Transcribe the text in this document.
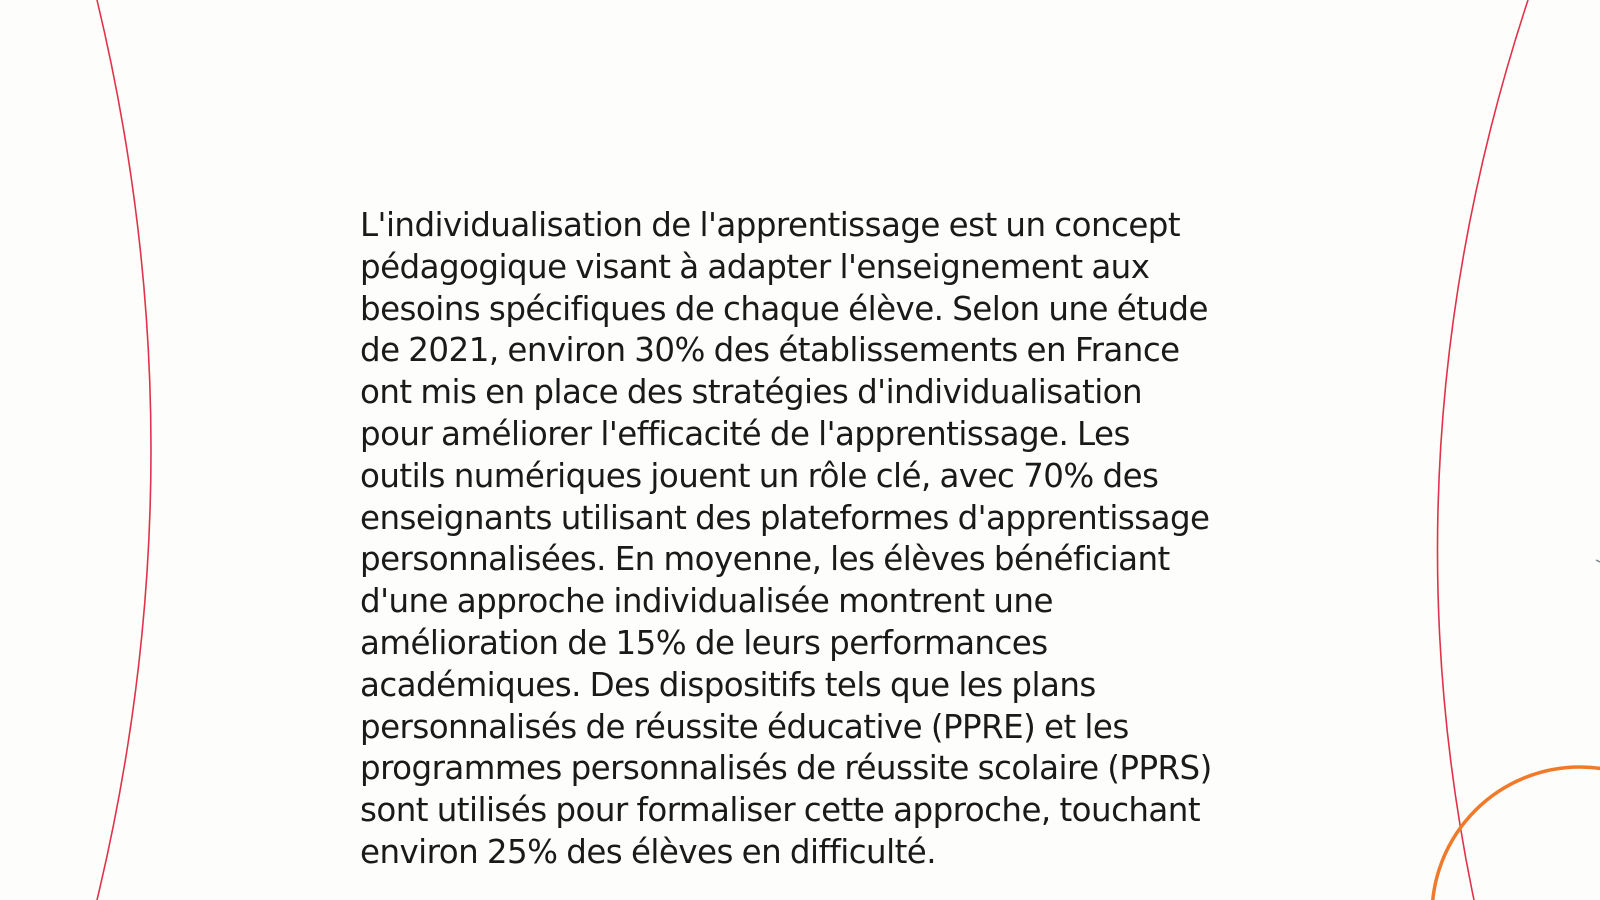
L'individualisation de l'apprentissage est un concept
pédagogique visant à adapter l'enseignement aux
besoins spécifiques de chaque élève. Selon une étude
de 2021, environ 30% des établissements en France
ont mis en place des stratégies d'individualisation
pour améliorer l'efficacité de l'apprentissage. Les
outils numériques jouent un rôle clé, avec 70% des
enseignants utilisant des plateformes d'apprentissage
personnalisées. En moyenne, les élèves bénéficiant
d'une approche individualisée montrent une
amélioration de 15% de leurs performances
académiques. Des dispositifs tels que les plans
personnalisés de réussite éducative (PPRE) et les
programmes personnalisés de réussite scolaire (PPRS)
sont utilisés pour formaliser cette approche, touchant
environ 25% des élèves en difficulté.
